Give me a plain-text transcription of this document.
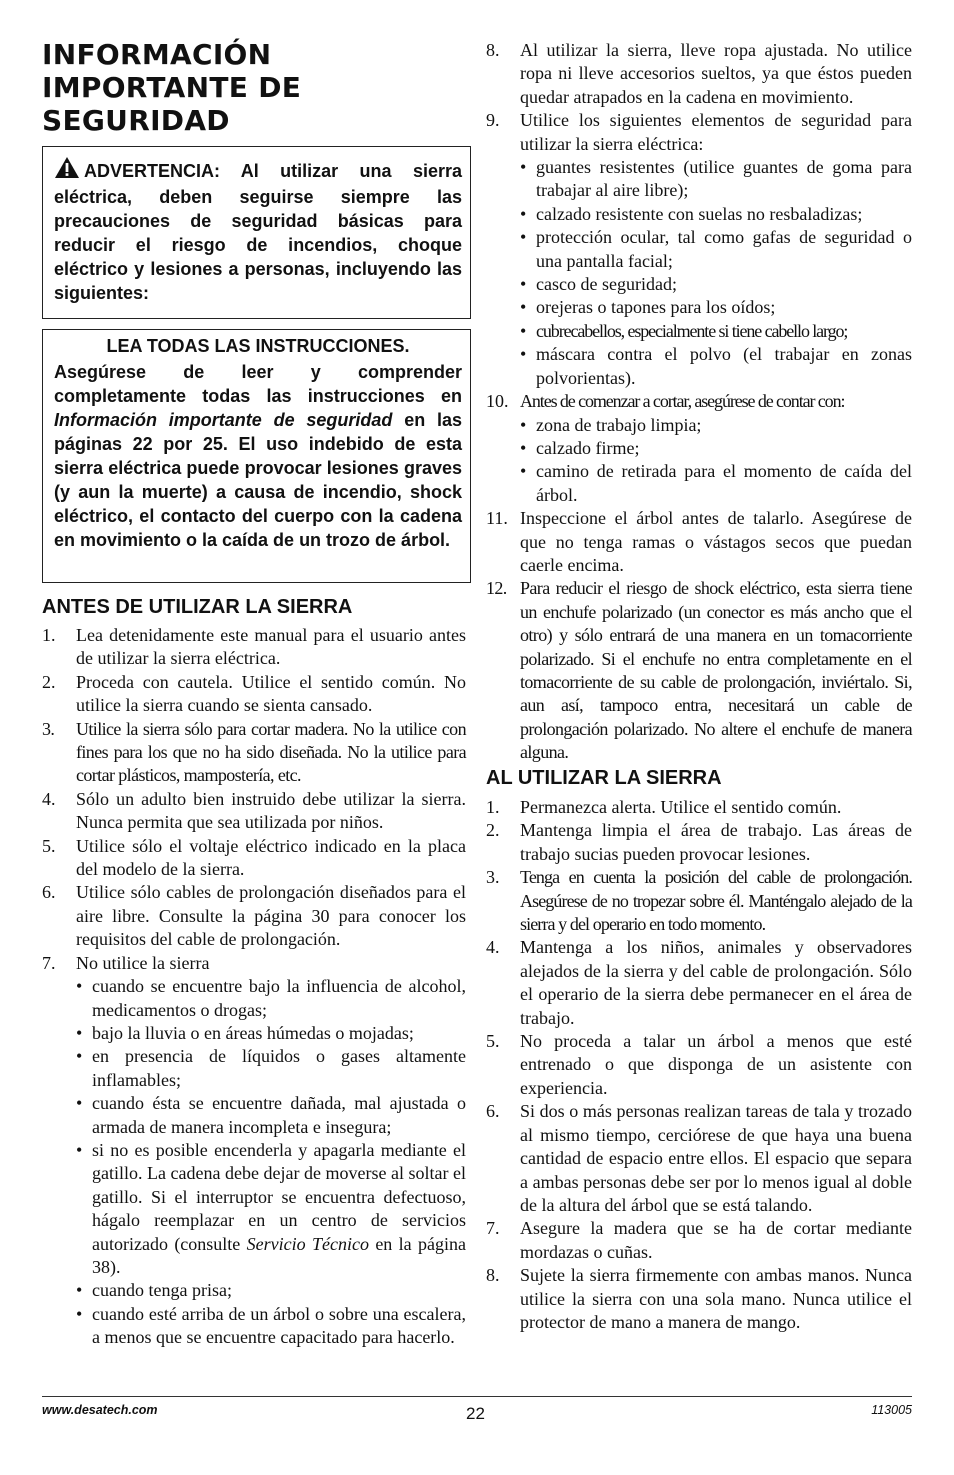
INFORMACIÓN
IMPORTANTE DE
SEGURIDAD
ADVERTENCIA: Al utilizar una sierra eléctrica, deben seguirse siempre las precauciones de seguridad básicas para reducir el riesgo de incendios, choque eléctrico y lesiones a personas, incluyendo las siguientes:
LEA TODAS LAS INSTRUCCIONES.
Asegúrese de leer y comprender completamente todas las instrucciones en Información importante de seguridad en las páginas 22 por 25. El uso indebido de esta sierra eléctrica puede provocar lesiones graves (y aun la muerte) a causa de incendio, shock eléctrico, el contacto del cuerpo con la cadena en movimiento o la caída de un trozo de árbol.
ANTES DE UTILIZAR LA SIERRA
1. Lea detenidamente este manual para el usuario antes de utilizar la sierra eléctrica.
2. Proceda con cautela. Utilice el sentido común. No utilice la sierra cuando se sienta cansado.
3. Utilice la sierra sólo para cortar madera. No la utilice con fines para los que no ha sido diseñada. No la utilice para cortar plásticos, mampostería, etc.
4. Sólo un adulto bien instruido debe utilizar la sierra. Nunca permita que sea utilizada por niños.
5. Utilice sólo el voltaje eléctrico indicado en la placa del modelo de la sierra.
6. Utilice sólo cables de prolongación diseñados para el aire libre. Consulte la página 30 para conocer los requisitos del cable de prolongación.
7. No utilice la sierra
• cuando se encuentre bajo la influencia de alcohol, medicamentos o drogas;
• bajo la lluvia o en áreas húmedas o mojadas;
• en presencia de líquidos o gases altamente inflamables;
• cuando ésta se encuentre dañada, mal ajustada o armada de manera incompleta e insegura;
• si no es posible encenderla y apagarla mediante el gatillo. La cadena debe dejar de moverse al soltar el gatillo. Si el interruptor se encuentra defectuoso, hágalo reemplazar en un centro de servicios autorizado (consulte Servicio Técnico en la página 38).
• cuando tenga prisa;
• cuando esté arriba de un árbol o sobre una escalera, a menos que se encuentre capacitado para hacerlo.
8. Al utilizar la sierra, lleve ropa ajustada. No utilice ropa ni lleve accesorios sueltos, ya que éstos pueden quedar atrapados en la cadena en movimiento.
9. Utilice los siguientes elementos de seguridad para utilizar la sierra eléctrica:
• guantes resistentes (utilice guantes de goma para trabajar al aire libre);
• calzado resistente con suelas no resbaladizas;
• protección ocular, tal como gafas de seguridad o una pantalla facial;
• casco de seguridad;
• orejeras o tapones para los oídos;
• cubrecabellos, especialmente si tiene cabello largo;
• máscara contra el polvo (el trabajar en zonas polvorientas).
10. Antes de comenzar a cortar, asegúrese de contar con:
• zona de trabajo limpia;
• calzado firme;
• camino de retirada para el momento de caída del árbol.
11. Inspeccione el árbol antes de talarlo. Asegúrese de que no tenga ramas o vástagos secos que puedan caerle encima.
12. Para reducir el riesgo de shock eléctrico, esta sierra tiene un enchufe polarizado (un conector es más ancho que el otro) y sólo entrará de una manera en un tomacorriente polarizado. Si el enchufe no entra completamente en el tomacorriente de su cable de prolongación, inviértalo. Si, aun así, tampoco entra, necesitará un cable de prolongación polarizado. No altere el enchufe de manera alguna.
AL UTILIZAR LA SIERRA
1. Permanezca alerta. Utilice el sentido común.
2. Mantenga limpia el área de trabajo. Las áreas de trabajo sucias pueden provocar lesiones.
3. Tenga en cuenta la posición del cable de prolongación. Asegúrese de no tropezar sobre él. Manténgalo alejado de la sierra y del operario en todo momento.
4. Mantenga a los niños, animales y observadores alejados de la sierra y del cable de prolongación. Sólo el operario de la sierra debe permanecer en el área de trabajo.
5. No proceda a talar un árbol a menos que esté entrenado o que disponga de un asistente con experiencia.
6. Si dos o más personas realizan tareas de tala y trozado al mismo tiempo, cerciórese de que haya una buena cantidad de espacio entre ellos. El espacio que separa a ambas personas debe ser por lo menos igual al doble de la altura del árbol que se está talando.
7. Asegure la madera que se ha de cortar mediante mordazas o cuñas.
8. Sujete la sierra firmemente con ambas manos. Nunca utilice la sierra con una sola mano. Nunca utilice el protector de mano a manera de mango.
www.desatech.com	22	113005
